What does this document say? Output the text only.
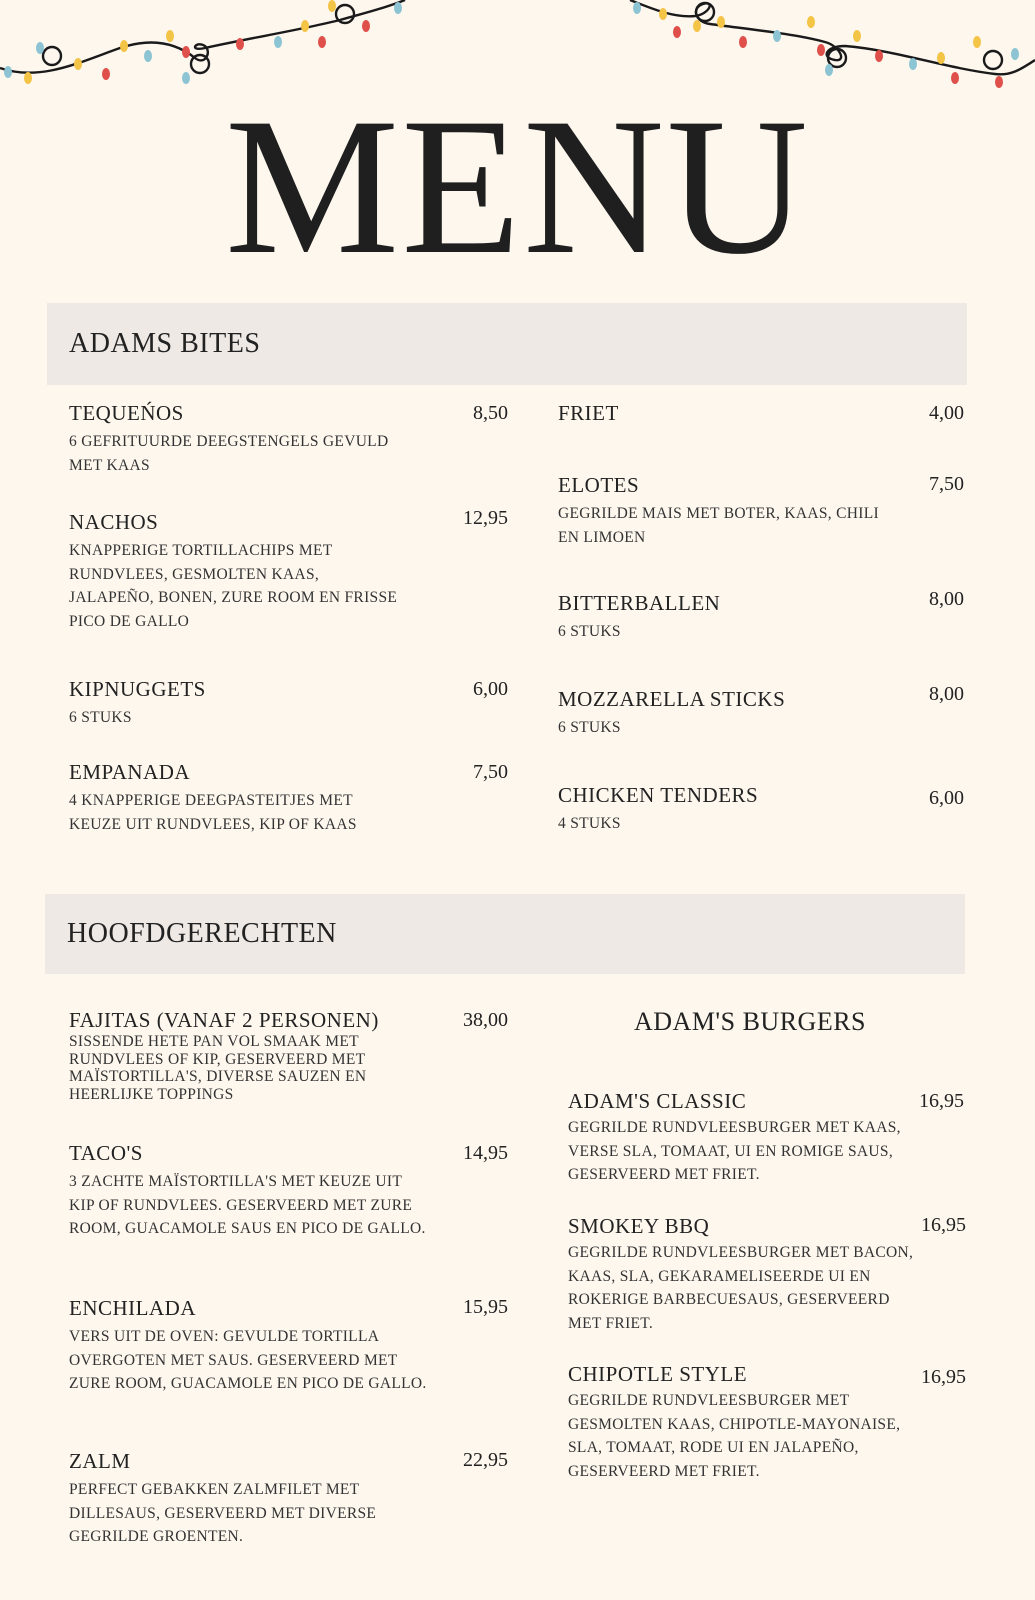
MENU
ADAMS BITES
TEQUEŃOS
6 GEFRITUURDE DEEGSTENGELS GEVULD MET KAAS
8,50
NACHOS
KNAPPERIGE TORTILLACHIPS MET RUNDVLEES, GESMOLTEN KAAS, JALAPEÑO, BONEN, ZURE ROOM EN FRISSE PICO DE GALLO
12,95
KIPNUGGETS
6 STUKS
6,00
EMPANADA
4 KNAPPERIGE DEEGPASTEITJES MET KEUZE UIT RUNDVLEES, KIP OF KAAS
7,50
FRIET	4,00
ELOTES
GEGRILDE MAIS MET BOTER, KAAS, CHILI EN LIMOEN
7,50
BITTERBALLEN
6 STUKS
8,00
MOZZARELLA STICKS
6 STUKS
8,00
CHICKEN TENDERS
4 STUKS
6,00
HOOFDGERECHTEN
FAJITAS (VANAF 2 PERSONEN)
SISSENDE HETE PAN VOL SMAAK MET RUNDVLEES OF KIP, GESERVEERD MET MAÏSTORTILLA'S, DIVERSE SAUZEN EN HEERLIJKE TOPPINGS
38,00
TACO'S
3 ZACHTE MAÏSTORTILLA'S MET KEUZE UIT KIP OF RUNDVLEES. GESERVEERD MET ZURE ROOM, GUACAMOLE SAUS EN PICO DE GALLO.
14,95
ENCHILADA
VERS UIT DE OVEN: GEVULDE TORTILLA OVERGOTEN MET SAUS. GESERVEERD MET ZURE ROOM, GUACAMOLE EN PICO DE GALLO.
15,95
ZALM
PERFECT GEBAKKEN ZALMFILET MET DILLESAUS, GESERVEERD MET DIVERSE GEGRILDE GROENTEN.
22,95
ADAM'S BURGERS
ADAM'S CLASSIC
GEGRILDE RUNDVLEESBURGER MET KAAS, VERSE SLA, TOMAAT, UI EN ROMIGE SAUS, GESERVEERD MET FRIET.
16,95
SMOKEY BBQ
GEGRILDE RUNDVLEESBURGER MET BACON, KAAS, SLA, GEKARAMELISEERDE UI EN ROKERIGE BARBECUESAUS, GESERVEERD MET FRIET.
16,95
CHIPOTLE STYLE
GEGRILDE RUNDVLEESBURGER MET GESMOLTEN KAAS, CHIPOTLE-MAYONAISE, SLA, TOMAAT, RODE UI EN JALAPEÑO, GESERVEERD MET FRIET.
16,95
